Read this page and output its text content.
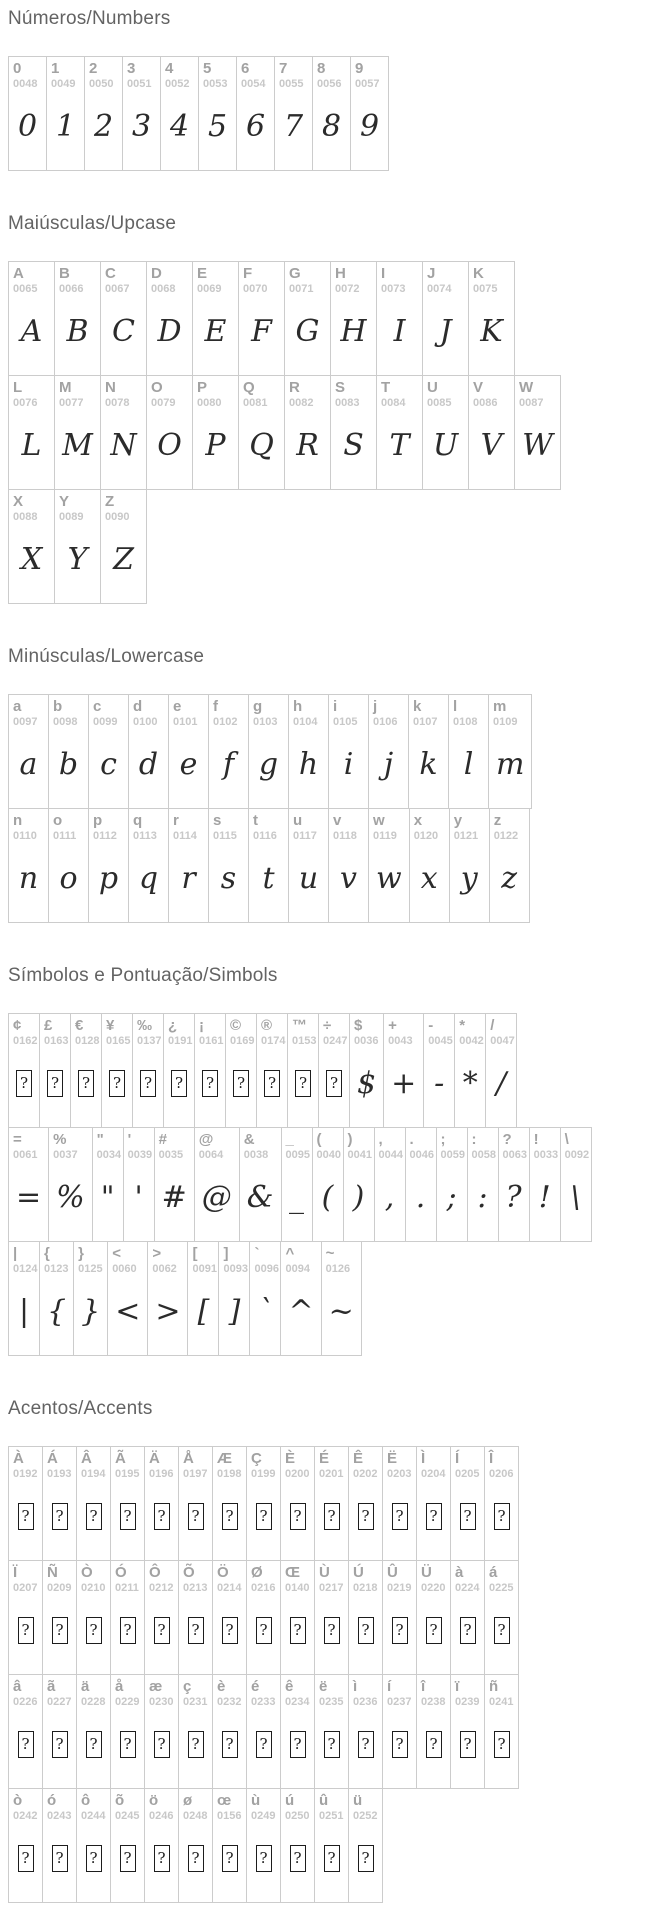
Números/Numbers
0
0048
0
1
0049
1
2
0050
2
3
0051
3
4
0052
4
5
0053
5
6
0054
6
7
0055
7
8
0056
8
9
0057
9
Maiúsculas/Upcase
A
0065
A
B
0066
B
C
0067
C
D
0068
D
E
0069
E
F
0070
F
G
0071
G
H
0072
H
I
0073
I
J
0074
J
K
0075
K
L
0076
L
M
0077
M
N
0078
N
O
0079
O
P
0080
P
Q
0081
Q
R
0082
R
S
0083
S
T
0084
T
U
0085
U
V
0086
V
W
0087
W
X
0088
X
Y
0089
Y
Z
0090
Z
Minúsculas/Lowercase
a
0097
a
b
0098
b
c
0099
c
d
0100
d
e
0101
e
f
0102
f
g
0103
g
h
0104
h
i
0105
i
j
0106
j
k
0107
k
l
0108
l
m
0109
m
n
0110
n
o
0111
o
p
0112
p
q
0113
q
r
0114
r
s
0115
s
t
0116
t
u
0117
u
v
0118
v
w
0119
w
x
0120
x
y
0121
y
z
0122
z
Símbolos e Pontuação/Simbols
¢
0162
?
£
0163
?
€
0128
?
¥
0165
?
‰
0137
?
¿
0191
?
¡
0161
?
©
0169
?
®
0174
?
™
0153
?
÷
0247
?
$
0036
$
+
0043
+
-
0045
-
*
0042
*
/
0047
/
=
0061
=
%
0037
%
"
0034
"
'
0039
'
#
0035
#
@
0064
@
&
0038
&
_
0095
_
(
0040
(
)
0041
)
,
0044
,
.
0046
.
;
0059
;
:
0058
:
?
0063
?
!
0033
!
\
0092
\
|
0124
|
{
0123
{
}
0125
}
<
0060
<
>
0062
>
[
0091
[
]
0093
]
`
0096
`
^
0094
^
~
0126
~
Acentos/Accents
À
0192
?
Á
0193
?
Â
0194
?
Ã
0195
?
Ä
0196
?
Å
0197
?
Æ
0198
?
Ç
0199
?
È
0200
?
É
0201
?
Ê
0202
?
Ë
0203
?
Ì
0204
?
Í
0205
?
Î
0206
?
Ï
0207
?
Ñ
0209
?
Ò
0210
?
Ó
0211
?
Ô
0212
?
Õ
0213
?
Ö
0214
?
Ø
0216
?
Œ
0140
?
Ù
0217
?
Ú
0218
?
Û
0219
?
Ü
0220
?
à
0224
?
á
0225
?
â
0226
?
ã
0227
?
ä
0228
?
å
0229
?
æ
0230
?
ç
0231
?
è
0232
?
é
0233
?
ê
0234
?
ë
0235
?
ì
0236
?
í
0237
?
î
0238
?
ï
0239
?
ñ
0241
?
ò
0242
?
ó
0243
?
ô
0244
?
õ
0245
?
ö
0246
?
ø
0248
?
œ
0156
?
ù
0249
?
ú
0250
?
û
0251
?
ü
0252
?
